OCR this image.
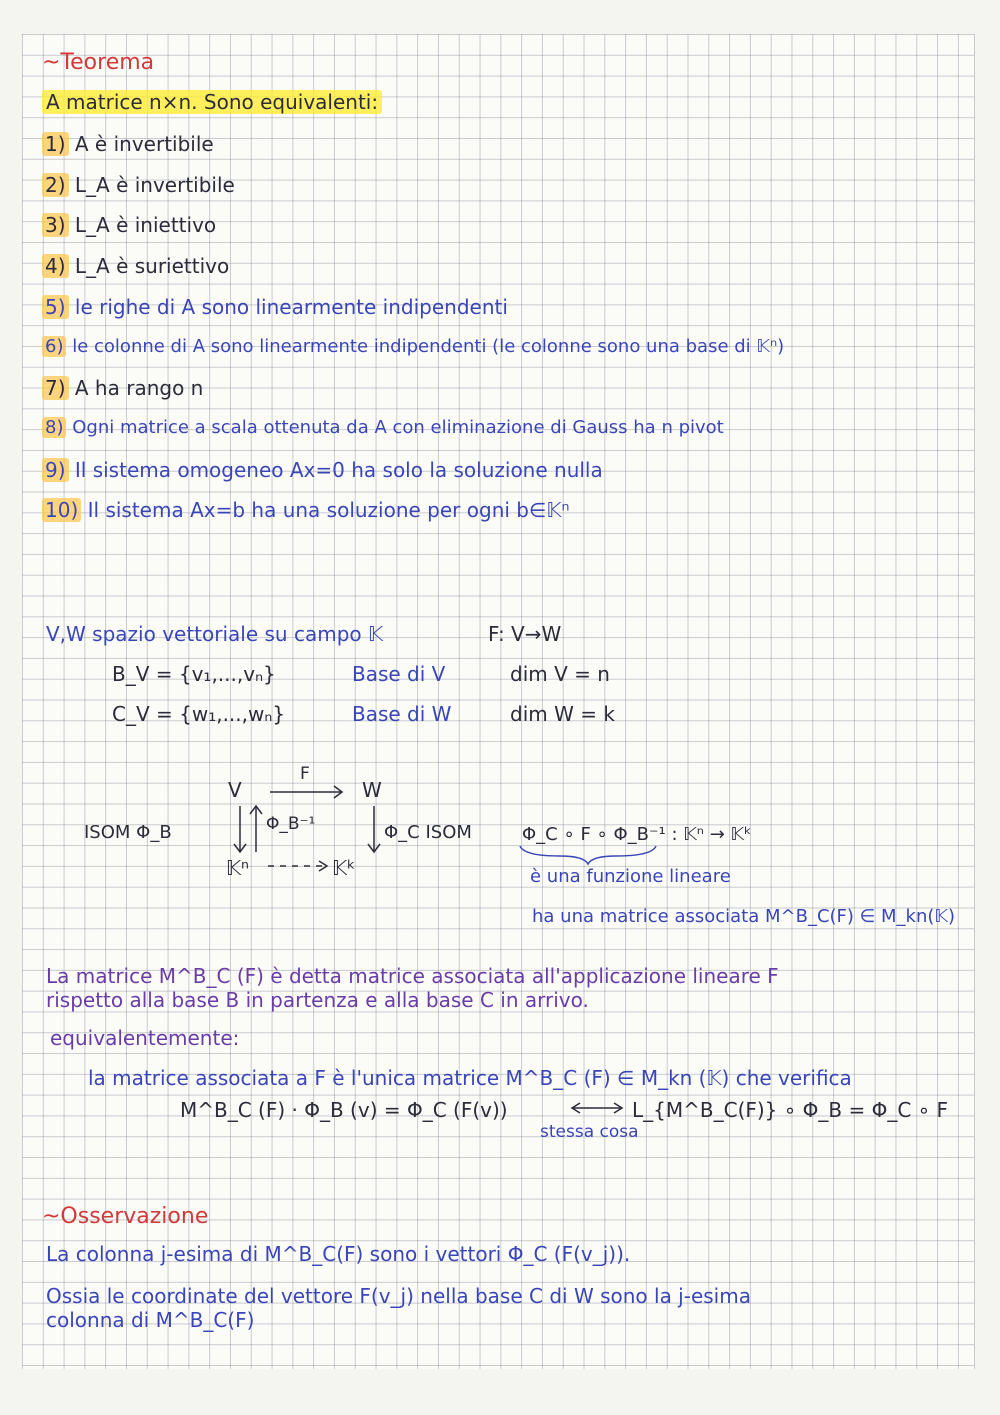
~Teorema
A matrice n×n. Sono equivalenti:
1) A è invertibile
2) L_A è invertibile
3) L_A è iniettivo
4) L_A è suriettivo
5) le righe di A sono linearmente indipendenti
6) le colonne di A sono linearmente indipendenti (le colonne sono una base di 𝕂ⁿ)
7) A ha rango n
8) Ogni matrice a scala ottenuta da A con eliminazione di Gauss ha n pivot
9) Il sistema omogeneo Ax=0 ha solo la soluzione nulla
10) Il sistema Ax=b ha una soluzione per ogni b∈𝕂ⁿ
V,W spazio vettoriale su campo 𝕂	F: V→W
B_V = {v₁,...,vₙ}	Base di V	dim V = n
C_V = {w₁,...,wₙ}	Base di W	dim W = k
V
F
W
ISOM Φ_B	Φ_B⁻¹	Φ_C ISOM
𝕂ⁿ	𝕂ᵏ
Φ_C ∘ F ∘ Φ_B⁻¹ : 𝕂ⁿ → 𝕂ᵏ
è una funzione lineare
ha una matrice associata M^B_C(F) ∈ M_kn(𝕂)
La matrice M^B_C (F) è detta matrice associata all'applicazione lineare F
rispetto alla base B in partenza e alla base C in arrivo.
equivalentemente:
la matrice associata a F è l'unica matrice M^B_C (F) ∈ M_kn (𝕂) che verifica
M^B_C (F) · Φ_B (v) = Φ_C (F(v))
stessa cosa
L_{M^B_C(F)} ∘ Φ_B = Φ_C ∘ F
~Osservazione
La colonna j-esima di M^B_C(F) sono i vettori Φ_C (F(v_j)).
Ossia le coordinate del vettore F(v_j) nella base C di W sono la j-esima
colonna di M^B_C(F)
